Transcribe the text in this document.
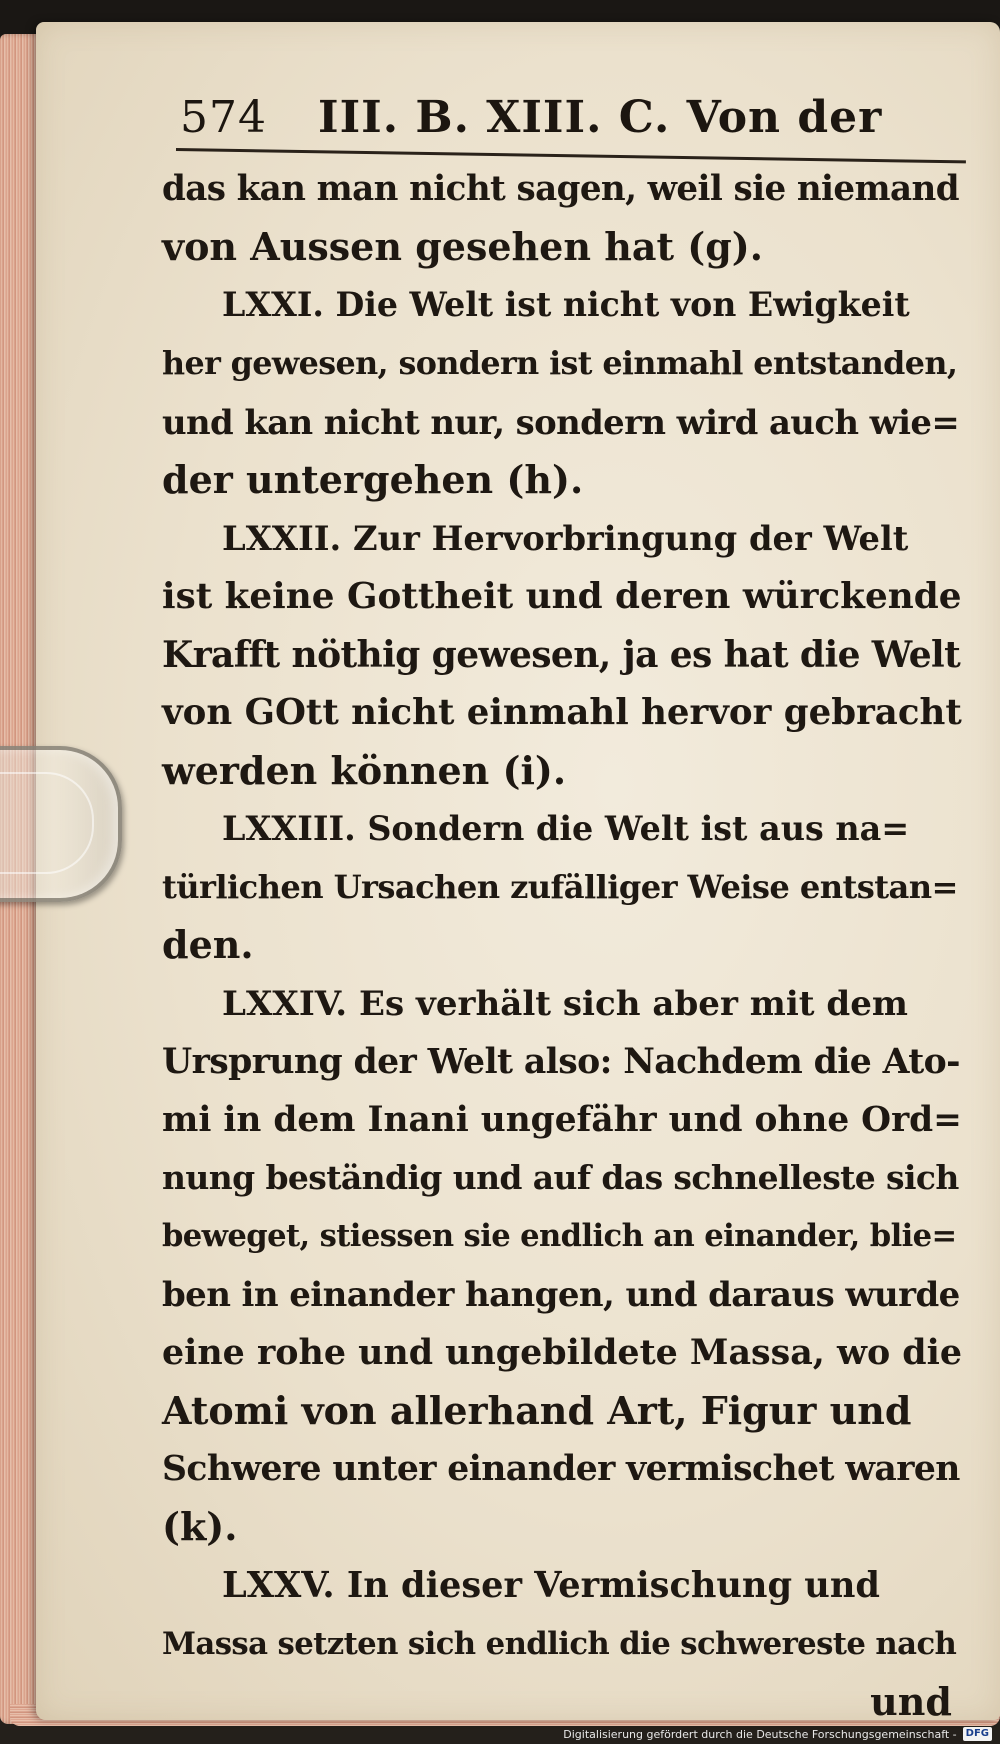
574 III. B. XIII. C. Von der
das kan man nicht sagen, weil sie niemand
von Aussen gesehen hat (g).
LXXI. Die Welt ist nicht von Ewigkeit
her gewesen, sondern ist einmahl entstanden,
und kan nicht nur, sondern wird auch wie=
der untergehen (h).
LXXII. Zur Hervorbringung der Welt
ist keine Gottheit und deren würckende
Krafft nöthig gewesen, ja es hat die Welt
von GOtt nicht einmahl hervor gebracht
werden können (i).
LXXIII. Sondern die Welt ist aus na=
türlichen Ursachen zufälliger Weise entstan=
den.
LXXIV. Es verhält sich aber mit dem
Ursprung der Welt also: Nachdem die Ato-
mi in dem Inani ungefähr und ohne Ord=
nung beständig und auf das schnelleste sich
beweget, stiessen sie endlich an einander, blie=
ben in einander hangen, und daraus wurde
eine rohe und ungebildete Massa, wo die
Atomi von allerhand Art, Figur und
Schwere unter einander vermischet waren
(k).
LXXV. In dieser Vermischung und
Massa setzten sich endlich die schwereste nach
und
Digitalisierung gefördert durch die Deutsche Forschungsgemeinschaft - DFG
